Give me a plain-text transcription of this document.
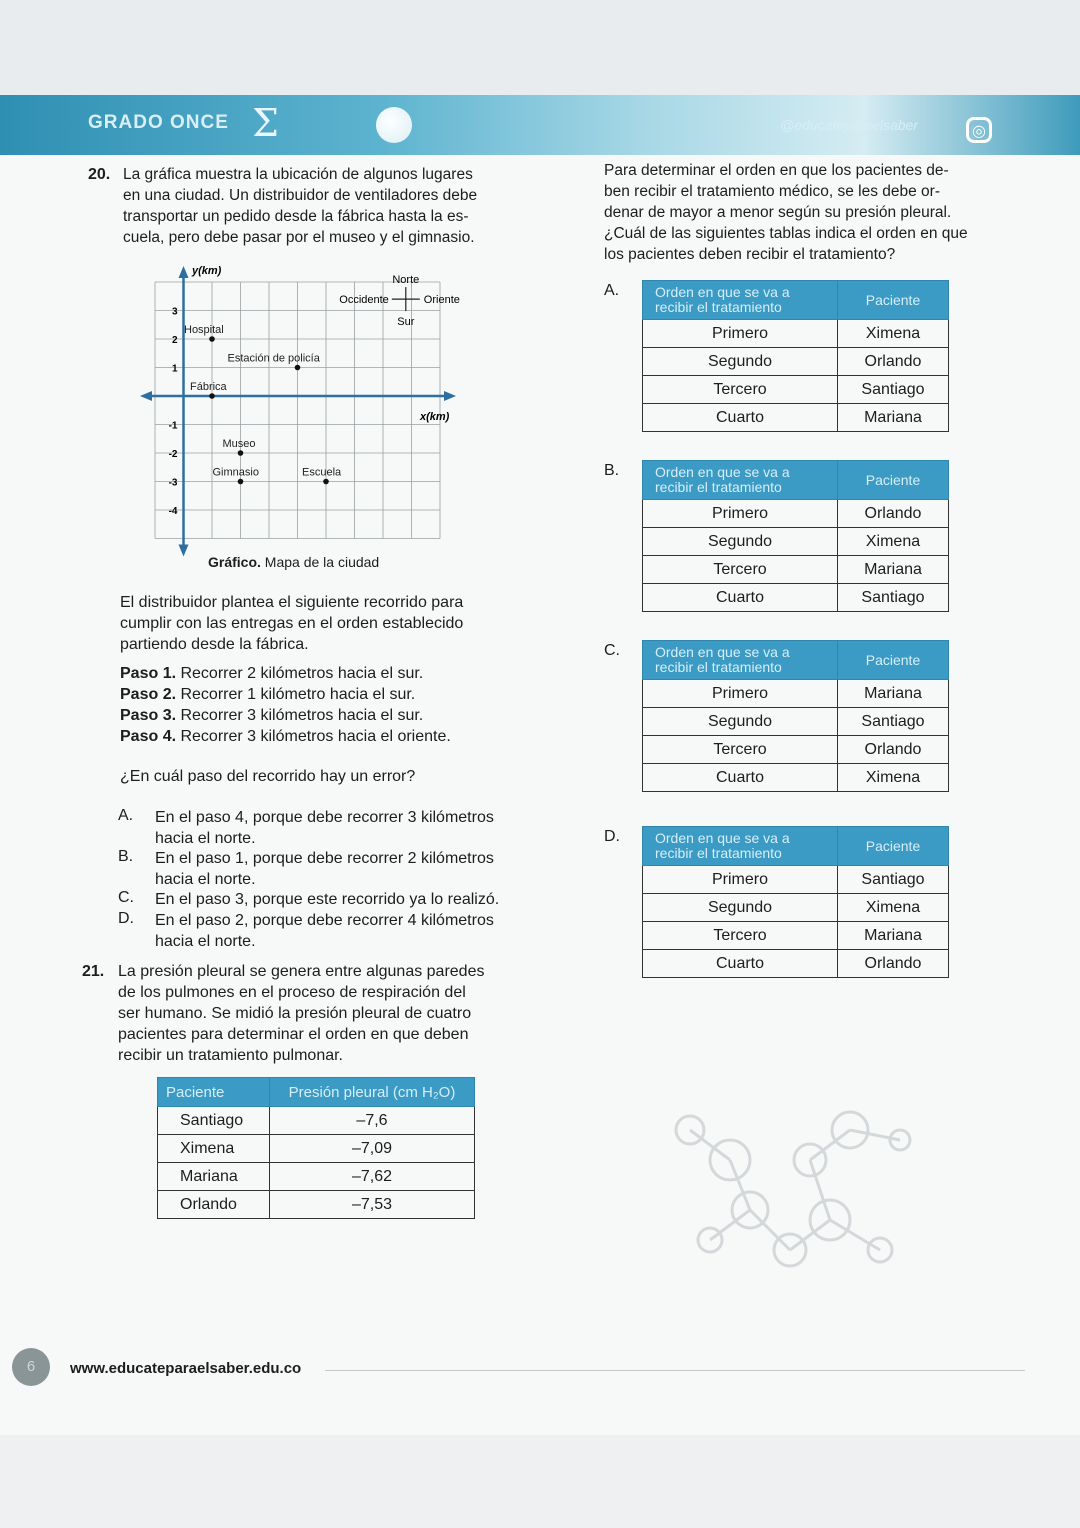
GRADO ONCE Σ	@educateparaelsaber	◎
20. La gráfica muestra la ubicación de algunos lugares
en una ciudad. Un distribuidor de ventiladores debe
transportar un pedido desde la fábrica hasta la es-
cuela, pero debe pasar por el museo y el gimnasio.
3
2
1
-1
-2
-3
-4
Hospital
Estación de policía
Fábrica
Museo
Gimnasio	Escuela
Norte
Sur
Occidente	Oriente
y(km)
x(km)
Gráfico. Mapa de la ciudad
El distribuidor plantea el siguiente recorrido para
cumplir con las entregas en el orden establecido
partiendo desde la fábrica.
Paso 1. Recorrer 2 kilómetros hacia el sur.
Paso 2. Recorrer 1 kilómetro hacia el sur.
Paso 3. Recorrer 3 kilómetros hacia el sur.
Paso 4. Recorrer 3 kilómetros hacia el oriente.
¿En cuál paso del recorrido hay un error?
A. En el paso 4, porque debe recorrer 3 kilómetros
hacia el norte.
B. En el paso 1, porque debe recorrer 2 kilómetros
hacia el norte.
C. En el paso 3, porque este recorrido ya lo realizó.
D. En el paso 2, porque debe recorrer 4 kilómetros
hacia el norte.
21. La presión pleural se genera entre algunas paredes
de los pulmones en el proceso de respiración del
ser humano. Se midió la presión pleural de cuatro
pacientes para determinar el orden en que deben
recibir un tratamiento pulmonar.
Paciente	Presión pleural (cm H₂O)
Santiago	–7,6
Ximena	–7,09
Mariana	–7,62
Orlando	–7,53
Para determinar el orden en que los pacientes de-
ben recibir el tratamiento médico, se les debe or-
denar de mayor a menor según su presión pleural.
¿Cuál de las siguientes tablas indica el orden en que
los pacientes deben recibir el tratamiento?
A.	Orden en que se va a recibir el tratamiento	Paciente
Primero	Ximena
Segundo	Orlando
Tercero	Santiago
Cuarto	Mariana
B.	Orden en que se va a recibir el tratamiento	Paciente
Primero	Orlando
Segundo	Ximena
Tercero	Mariana
Cuarto	Santiago
C.	Orden en que se va a recibir el tratamiento	Paciente
Primero	Mariana
Segundo	Santiago
Tercero	Orlando
Cuarto	Ximena
D.	Orden en que se va a recibir el tratamiento	Paciente
Primero	Santiago
Segundo	Ximena
Tercero	Mariana
Cuarto	Orlando
6	www.educateparaelsaber.edu.co
